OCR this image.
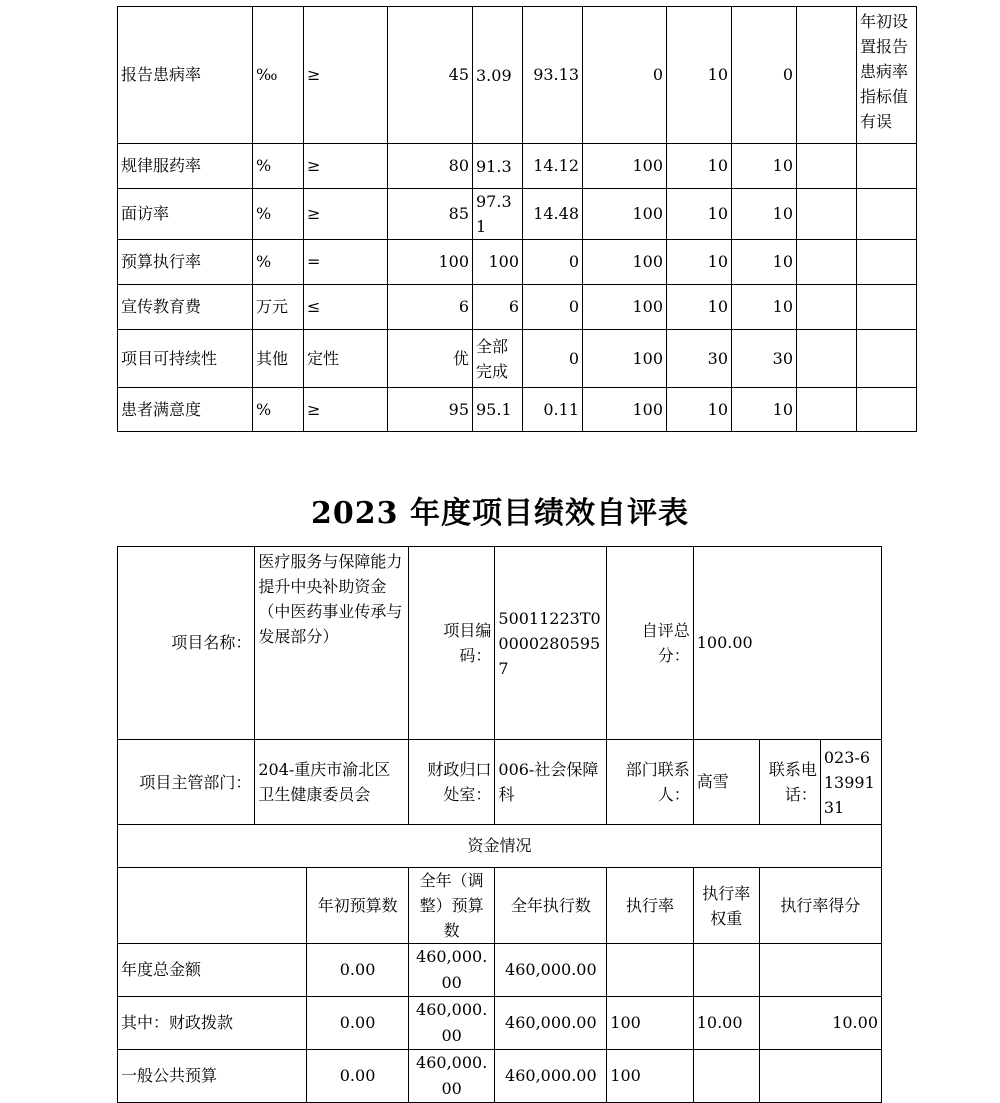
报告患病率	‰	≥	45	3.09	93.13	0	10	0		年初设置报告患病率指标值有误
规律服药率	%	≥	80	91.3	14.12	100	10	10		
面访率	%	≥	85	97.31	14.48	100	10	10		
预算执行率	%	=	100	100	0	100	10	10		
宣传教育费	万元	≤	6	6	0	100	10	10		
项目可持续性	其他	定性	优	全部完成	0	100	30	30		
患者满意度	%	≥	95	95.1	0.11	100	10	10		
2023 年度项目绩效自评表
项目名称：	医疗服务与保障能力提升中央补助资金（中医药事业传承与发展部分）		项目编码：	50011223T000002805957	自评总分：	100.00		
项目主管部门：	204-重庆市渝北区卫生健康委员会		财政归口处室：	006-社会保障科	部门联系人：	高雪	联系电话：	023-61399131
资金情况								
		年初预算数	全年（调整）预算数	全年执行数	执行率	执行率权重	执行率得分	
年度总金额		0.00	460,000.00	460,000.00				
其中：财政拨款		0.00	460,000.00	460,000.00	100	10.00	10.00	
一般公共预算		0.00	460,000.00	460,000.00	100			
